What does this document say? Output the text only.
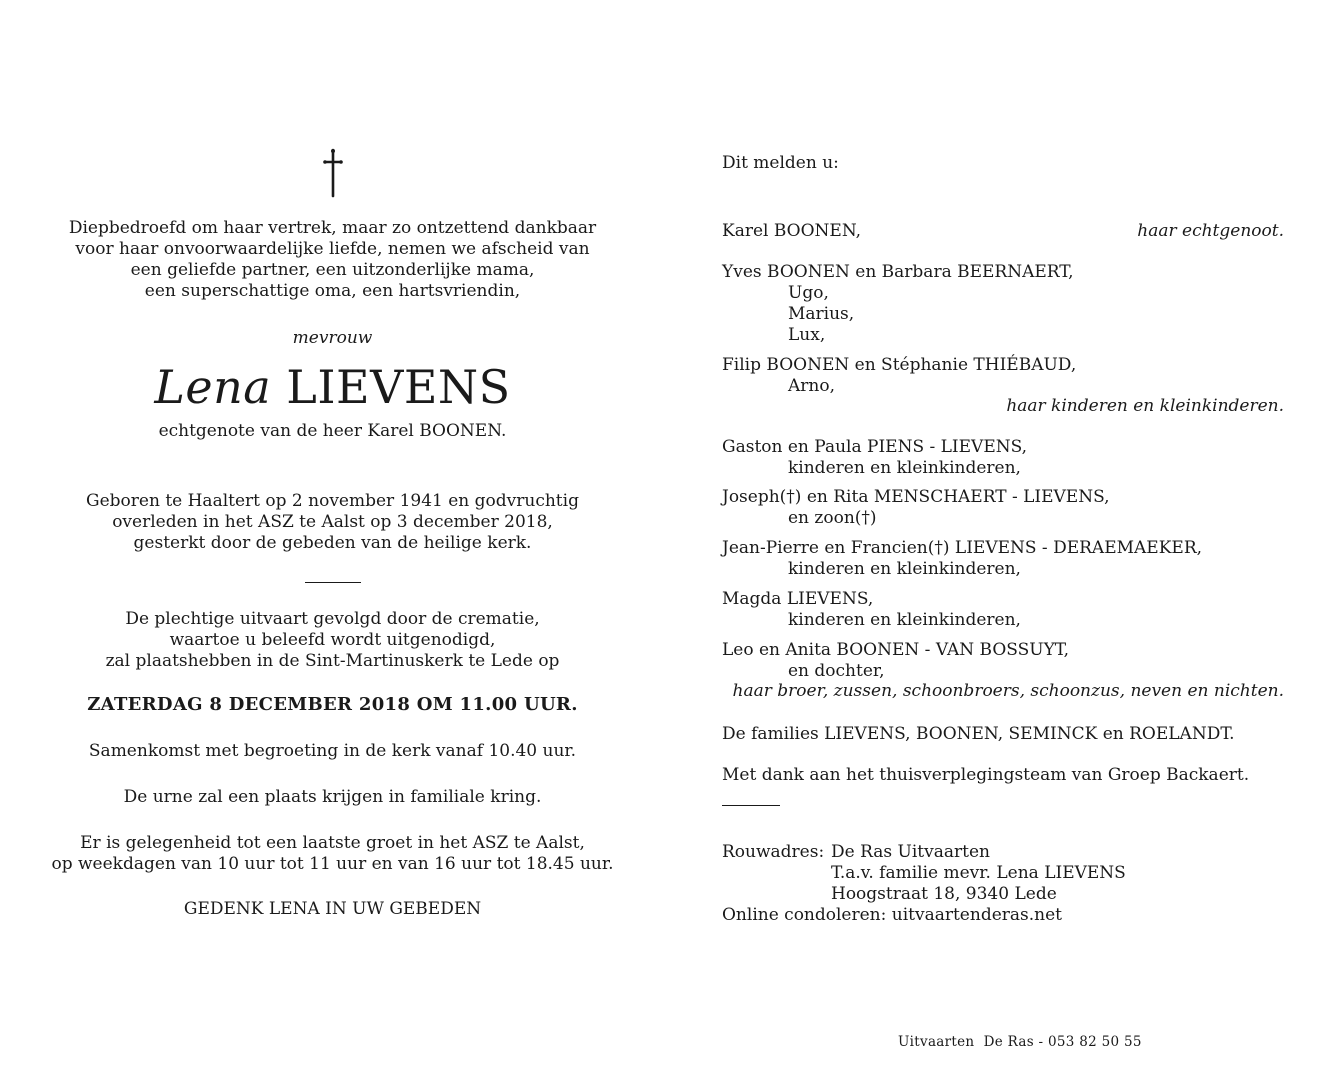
Diepbedroefd om haar vertrek, maar zo ontzettend dankbaar
voor haar onvoorwaardelijke liefde, nemen we afscheid van
een geliefde partner, een uitzonderlijke mama,
een superschattige oma, een hartsvriendin,
mevrouw
Lena LIEVENS
echtgenote van de heer Karel BOONEN.
Geboren te Haaltert op 2 november 1941 en godvruchtig
overleden in het ASZ te Aalst op 3 december 2018,
gesterkt door de gebeden van de heilige kerk.
De plechtige uitvaart gevolgd door de crematie,
waartoe u beleefd wordt uitgenodigd,
zal plaatshebben in de Sint-Martinuskerk te Lede op
ZATERDAG 8 DECEMBER 2018 OM 11.00 UUR.
Samenkomst met begroeting in de kerk vanaf 10.40 uur.
De urne zal een plaats krijgen in familiale kring.
Er is gelegenheid tot een laatste groet in het ASZ te Aalst,
op weekdagen van 10 uur tot 11 uur en van 16 uur tot 18.45 uur.
GEDENK LENA IN UW GEBEDEN
Dit melden u:
Karel BOONEN,	haar echtgenoot.
Yves BOONEN en Barbara BEERNAERT,
Ugo,
Marius,
Lux,
Filip BOONEN en Stéphanie THIÉBAUD,
Arno,
haar kinderen en kleinkinderen.
Gaston en Paula PIENS - LIEVENS,
kinderen en kleinkinderen,
Joseph(†) en Rita MENSCHAERT - LIEVENS,
en zoon(†)
Jean-Pierre en Francien(†) LIEVENS - DERAEMAEKER,
kinderen en kleinkinderen,
Magda LIEVENS,
kinderen en kleinkinderen,
Leo en Anita BOONEN - VAN BOSSUYT,
en dochter,
haar broer, zussen, schoonbroers, schoonzus, neven en nichten.
De families LIEVENS, BOONEN, SEMINCK en ROELANDT.
Met dank aan het thuisverplegingsteam van Groep Backaert.
Rouwadres: De Ras Uitvaarten
T.a.v. familie mevr. Lena LIEVENS
Hoogstraat 18, 9340 Lede
Online condoleren: uitvaartenderas.net
Uitvaarten  De Ras - 053 82 50 55
